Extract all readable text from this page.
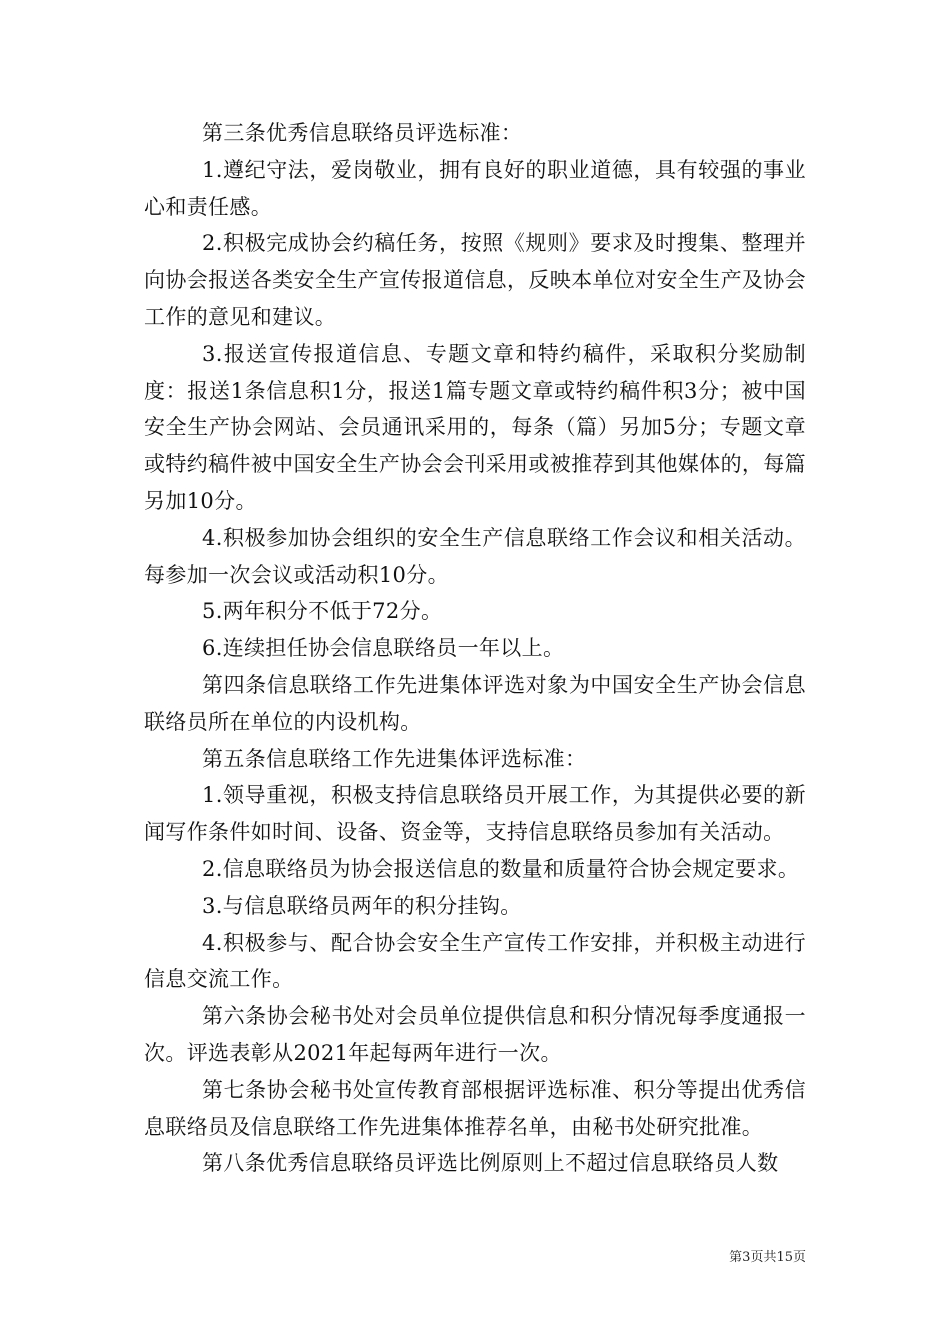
第三条优秀信息联络员评选标准：

1.遵纪守法，爱岗敬业，拥有良好的职业道德，具有较强的事业心和责任感。

2.积极完成协会约稿任务，按照《规则》要求及时搜集、整理并向协会报送各类安全生产宣传报道信息，反映本单位对安全生产及协会工作的意见和建议。

3.报送宣传报道信息、专题文章和特约稿件，采取积分奖励制度：报送1条信息积1分，报送1篇专题文章或特约稿件积3分；被中国安全生产协会网站、会员通讯采用的，每条（篇）另加5分；专题文章或特约稿件被中国安全生产协会会刊采用或被推荐到其他媒体的，每篇另加10分。

4.积极参加协会组织的安全生产信息联络工作会议和相关活动。每参加一次会议或活动积10分。

5.两年积分不低于72分。

6.连续担任协会信息联络员一年以上。

第四条信息联络工作先进集体评选对象为中国安全生产协会信息联络员所在单位的内设机构。

第五条信息联络工作先进集体评选标准：

1.领导重视，积极支持信息联络员开展工作，为其提供必要的新闻写作条件如时间、设备、资金等，支持信息联络员参加有关活动。

2.信息联络员为协会报送信息的数量和质量符合协会规定要求。

3.与信息联络员两年的积分挂钩。

4.积极参与、配合协会安全生产宣传工作安排，并积极主动进行信息交流工作。

第六条协会秘书处对会员单位提供信息和积分情况每季度通报一次。评选表彰从2021年起每两年进行一次。

第七条协会秘书处宣传教育部根据评选标准、积分等提出优秀信息联络员及信息联络工作先进集体推荐名单，由秘书处研究批准。

第八条优秀信息联络员评选比例原则上不超过信息联络员人数

第3页共15页
